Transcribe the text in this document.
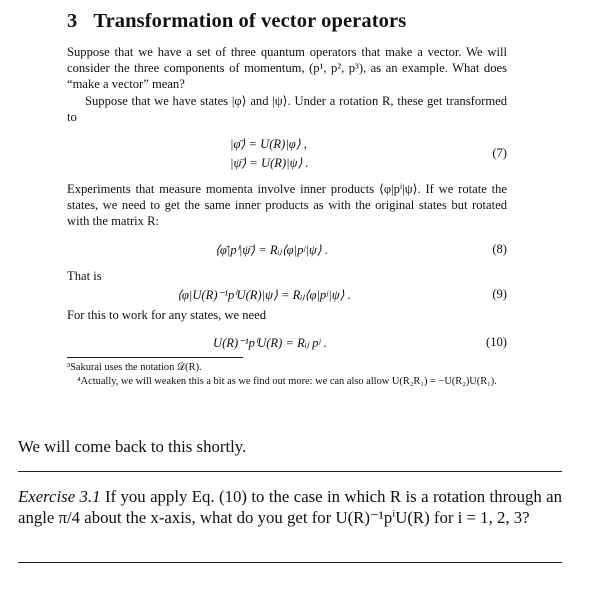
3 Transformation of vector operators
Suppose that we have a set of three quantum operators that make a vector. We will consider the three components of momentum, (p¹, p², p³), as an example. What does “make a vector” mean?
Suppose that we have states |φ⟩ and |ψ⟩. Under a rotation R, these get transformed to
|φ̄⟩ = U(R)|φ⟩ ,
|ψ̄⟩ = U(R)|ψ⟩ .
(7)
Experiments that measure momenta involve inner products ⟨φ|pⁱ|ψ⟩. If we rotate the states, we need to get the same inner products as with the original states but rotated with the matrix R:
⟨φ̄|pⁱ|ψ̄⟩ = Rᵢⱼ⟨φ|pʲ|ψ⟩ .	(8)
That is
⟨φ|U(R)⁻¹pⁱU(R)|ψ⟩ = Rᵢⱼ⟨φ|pʲ|ψ⟩ .	(9)
For this to work for any states, we need
U(R)⁻¹pⁱU(R) = Rᵢⱼ pʲ .	(10)
³Sakurai uses the notation 𝒟(R).
⁴Actually, we will weaken this a bit as we find out more: we can also allow U(R₂R₁) = −U(R₂)U(R₁).
We will come back to this shortly.
Exercise 3.1 If you apply Eq. (10) to the case in which R is a rotation through an angle π/4 about the x-axis, what do you get for U(R)⁻¹pⁱU(R) for i = 1, 2, 3?
